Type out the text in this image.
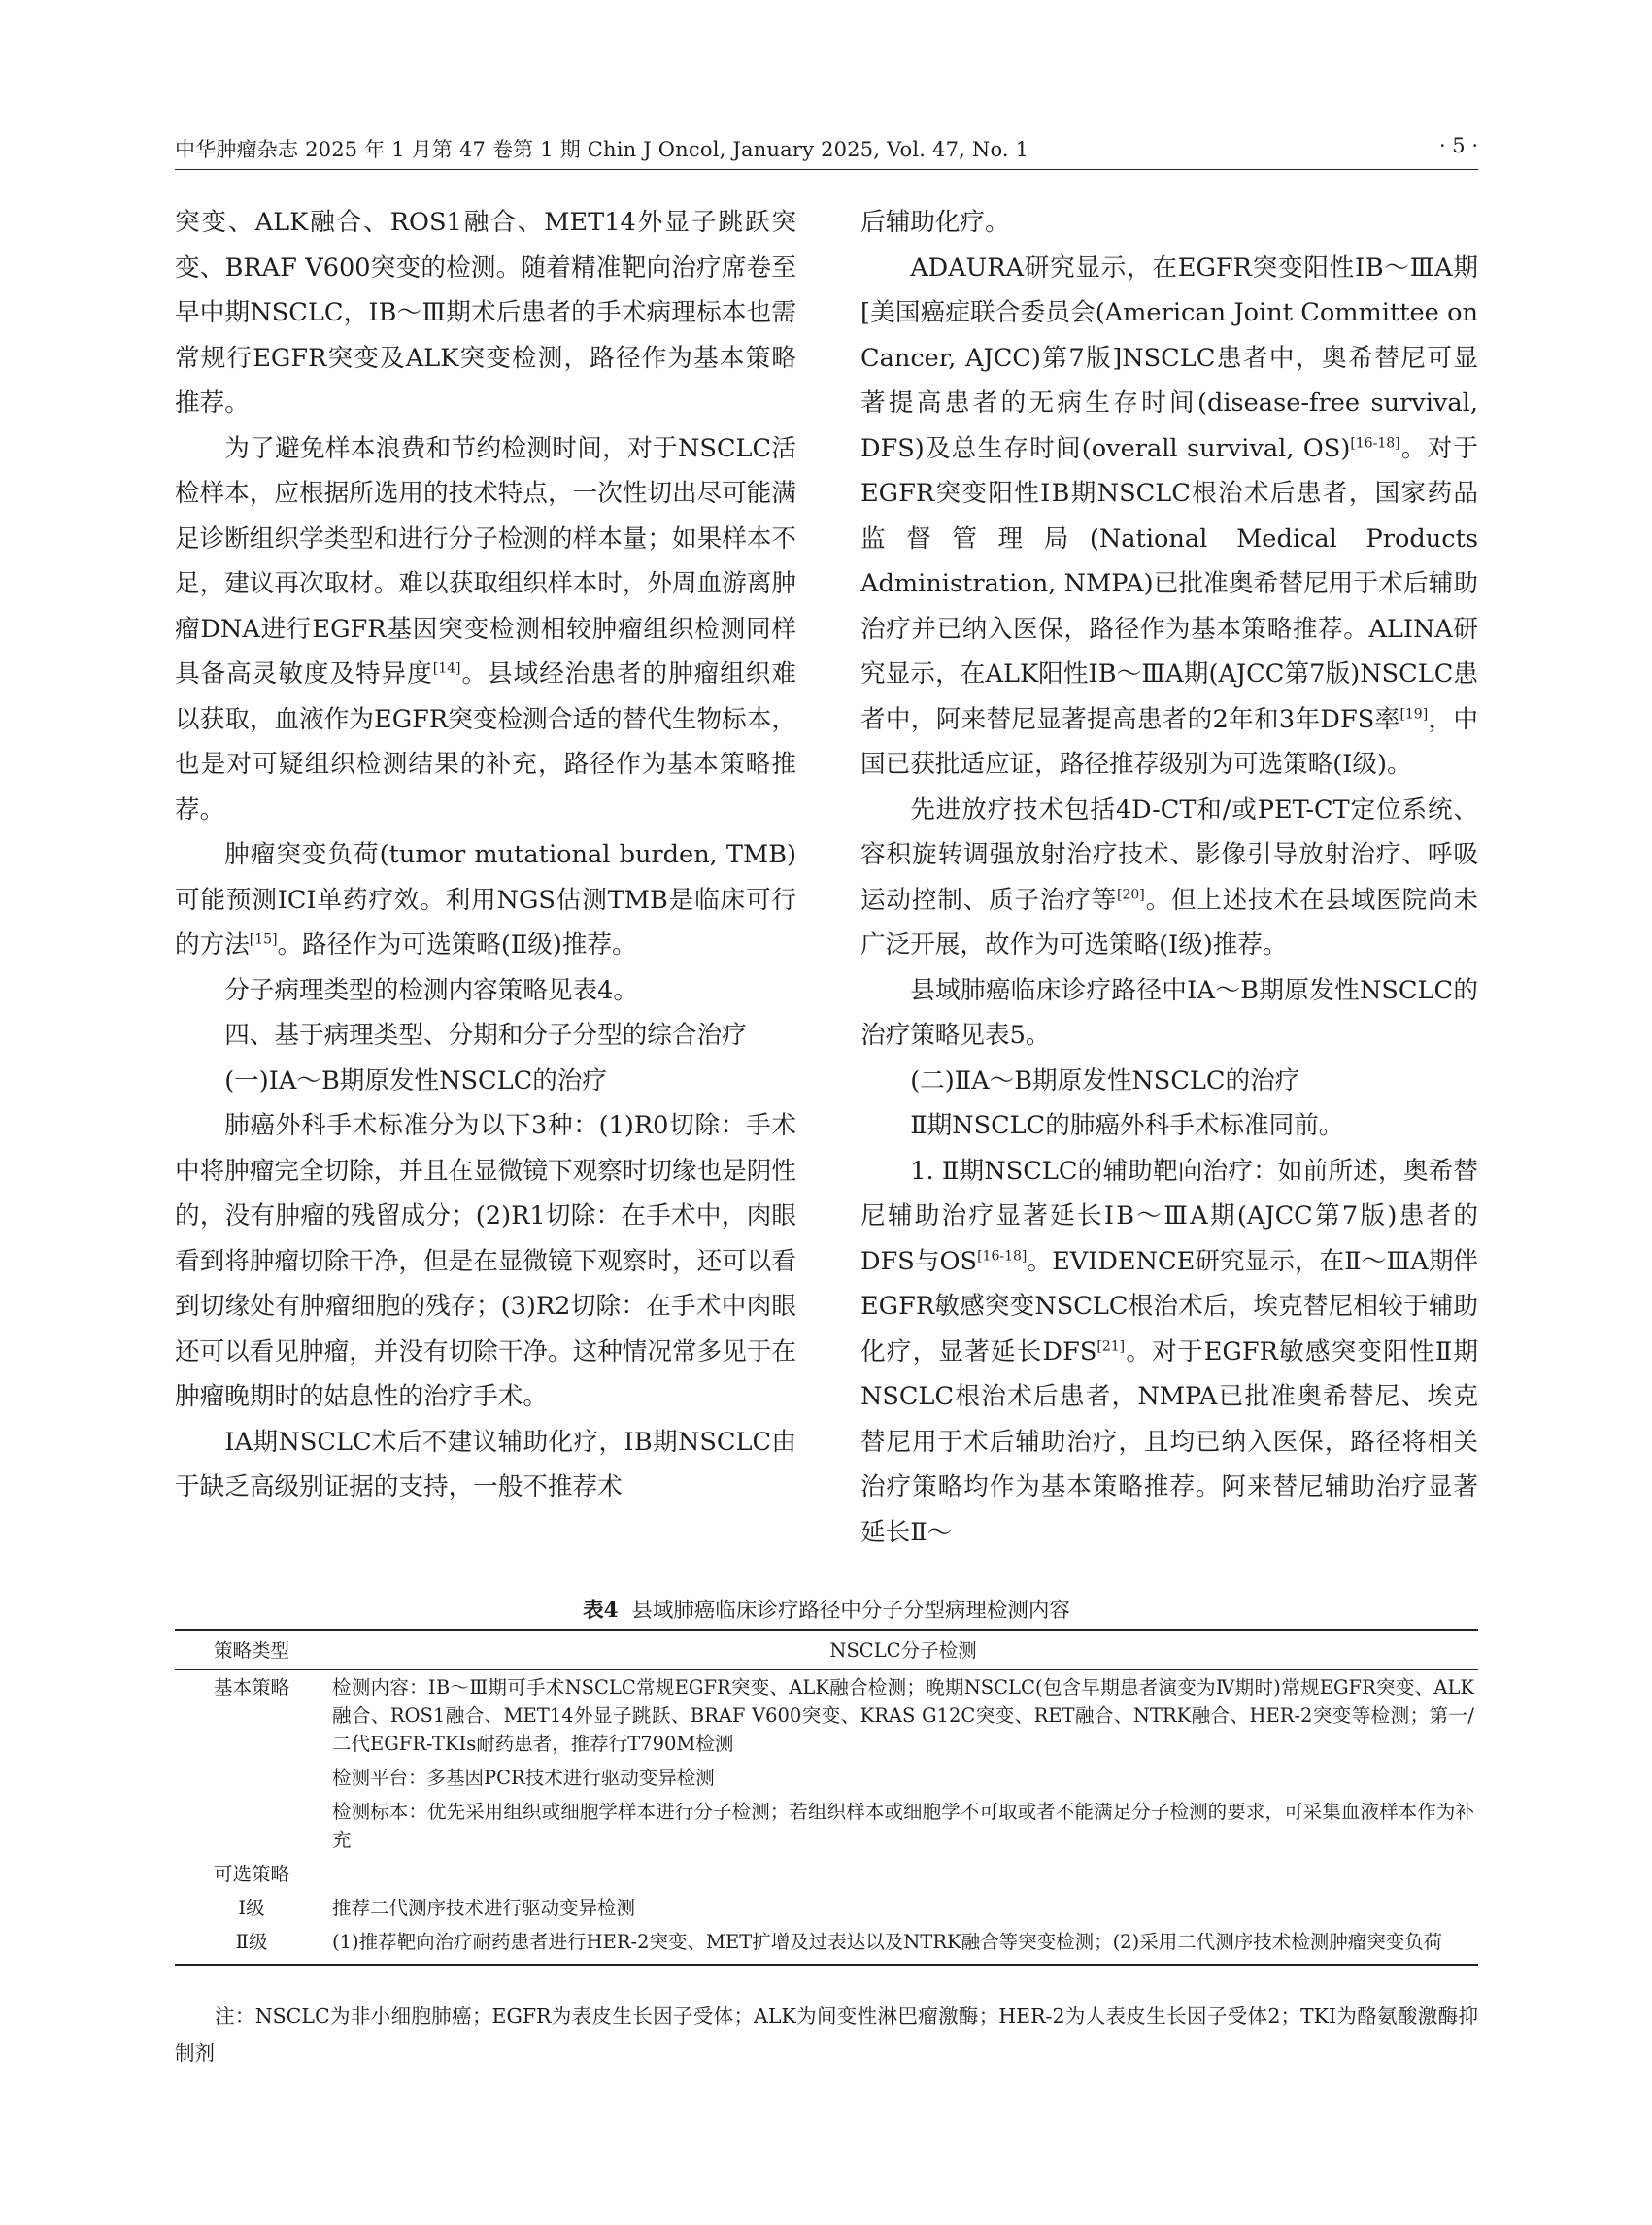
中华肿瘤杂志 2025 年 1 月第 47 卷第 1 期 Chin J Oncol, January 2025, Vol. 47, No. 1	· 5 ·

突变、ALK融合、ROS1融合、MET14外显子跳跃突变、BRAF V600突变的检测。随着精准靶向治疗席卷至早中期NSCLC，ⅠB～Ⅲ期术后患者的手术病理标本也需常规行EGFR突变及ALK突变检测，路径作为基本策略推荐。

为了避免样本浪费和节约检测时间，对于NSCLC活检样本，应根据所选用的技术特点，一次性切出尽可能满足诊断组织学类型和进行分子检测的样本量；如果样本不足，建议再次取材。难以获取组织样本时，外周血游离肿瘤DNA进行EGFR基因突变检测相较肿瘤组织检测同样具备高灵敏度及特异度[14]。县域经治患者的肿瘤组织难以获取，血液作为EGFR突变检测合适的替代生物标本，也是对可疑组织检测结果的补充，路径作为基本策略推荐。

肿瘤突变负荷(tumor mutational burden, TMB)可能预测ICI单药疗效。利用NGS估测TMB是临床可行的方法[15]。路径作为可选策略(Ⅱ级)推荐。

分子病理类型的检测内容策略见表4。

四、基于病理类型、分期和分子分型的综合治疗

(一)ⅠA～B期原发性NSCLC的治疗

肺癌外科手术标准分为以下3种：(1)R0切除：手术中将肿瘤完全切除，并且在显微镜下观察时切缘也是阴性的，没有肿瘤的残留成分；(2)R1切除：在手术中，肉眼看到将肿瘤切除干净，但是在显微镜下观察时，还可以看到切缘处有肿瘤细胞的残存；(3)R2切除：在手术中肉眼还可以看见肿瘤，并没有切除干净。这种情况常多见于在肿瘤晚期时的姑息性的治疗手术。

ⅠA期NSCLC术后不建议辅助化疗，ⅠB期NSCLC由于缺乏高级别证据的支持，一般不推荐术

后辅助化疗。

ADAURA研究显示，在EGFR突变阳性ⅠB～ⅢA期[美国癌症联合委员会(American Joint Committee on Cancer, AJCC)第7版]NSCLC患者中，奥希替尼可显著提高患者的无病生存时间(disease-free survival, DFS)及总生存时间(overall survival, OS)[16-18]。对于EGFR突变阳性ⅠB期NSCLC根治术后患者，国家药品监督管理局(National Medical Products Administration, NMPA)已批准奥希替尼用于术后辅助治疗并已纳入医保，路径作为基本策略推荐。ALINA研究显示，在ALK阳性ⅠB～ⅢA期(AJCC第7版)NSCLC患者中，阿来替尼显著提高患者的2年和3年DFS率[19]，中国已获批适应证，路径推荐级别为可选策略(Ⅰ级)。

先进放疗技术包括4D-CT和/或PET-CT定位系统、容积旋转调强放射治疗技术、影像引导放射治疗、呼吸运动控制、质子治疗等[20]。但上述技术在县域医院尚未广泛开展，故作为可选策略(Ⅰ级)推荐。

县域肺癌临床诊疗路径中ⅠA～B期原发性NSCLC的治疗策略见表5。

(二)ⅡA～B期原发性NSCLC的治疗

Ⅱ期NSCLC的肺癌外科手术标准同前。

1. Ⅱ期NSCLC的辅助靶向治疗：如前所述，奥希替尼辅助治疗显著延长ⅠB～ⅢA期(AJCC第7版)患者的DFS与OS[16-18]。EVIDENCE研究显示，在Ⅱ～ⅢA期伴EGFR敏感突变NSCLC根治术后，埃克替尼相较于辅助化疗，显著延长DFS[21]。对于EGFR敏感突变阳性Ⅱ期NSCLC根治术后患者，NMPA已批准奥希替尼、埃克替尼用于术后辅助治疗，且均已纳入医保，路径将相关治疗策略均作为基本策略推荐。阿来替尼辅助治疗显著延长Ⅱ～

表4 县域肺癌临床诊疗路径中分子分型病理检测内容
策略类型	NSCLC分子检测
基本策略	检测内容：ⅠB～Ⅲ期可手术NSCLC常规EGFR突变、ALK融合检测；晚期NSCLC(包含早期患者演变为Ⅳ期时)常规EGFR突变、ALK融合、ROS1融合、MET14外显子跳跃、BRAF V600突变、KRAS G12C突变、RET融合、NTRK融合、HER-2突变等检测；第一/二代EGFR-TKIs耐药患者，推荐行T790M检测
	检测平台：多基因PCR技术进行驱动变异检测
	检测标本：优先采用组织或细胞学样本进行分子检测；若组织样本或细胞学不可取或者不能满足分子检测的要求，可采集血液样本作为补充
可选策略	
Ⅰ级	推荐二代测序技术进行驱动变异检测
Ⅱ级	(1)推荐靶向治疗耐药患者进行HER-2突变、MET扩增及过表达以及NTRK融合等突变检测；(2)采用二代测序技术检测肿瘤突变负荷
注：NSCLC为非小细胞肺癌；EGFR为表皮生长因子受体；ALK为间变性淋巴瘤激酶；HER-2为人表皮生长因子受体2；TKI为酪氨酸激酶抑制剂
